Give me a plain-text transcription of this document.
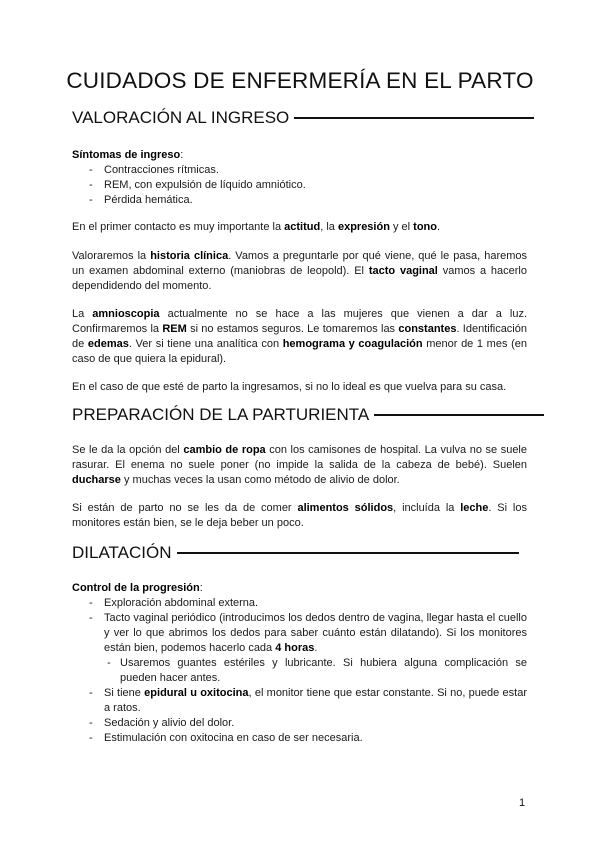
CUIDADOS DE ENFERMERÍA EN EL PARTO
VALORACIÓN AL INGRESO

Síntomas de ingreso:

- Contracciones rítmicas.
- REM, con expulsión de líquido amniótico.
- Pérdida hemática.

En el primer contacto es muy importante la actitud, la expresión y el tono.

Valoraremos la historia clínica. Vamos a preguntarle por qué viene, qué le pasa, haremos un examen abdominal externo (maniobras de leopold). El tacto vaginal vamos a hacerlo dependidendo del momento.

La amnioscopia actualmente no se hace a las mujeres que vienen a dar a luz. Confirmaremos la REM si no estamos seguros. Le tomaremos las constantes. Identificación de edemas. Ver si tiene una analítica con hemograma y coagulación menor de 1 mes (en caso de que quiera la epidural).

En el caso de que esté de parto la ingresamos, si no lo ideal es que vuelva para su casa.

PREPARACIÓN DE LA PARTURIENTA

Se le da la opción del cambio de ropa con los camisones de hospital. La vulva no se suele rasurar. El enema no suele poner (no impide la salida de la cabeza de bebé). Suelen ducharse y muchas veces la usan como método de alivio de dolor.

Si están de parto no se les da de comer alimentos sólidos, incluída la leche. Si los monitores están bien, se le deja beber un poco.

DILATACIÓN

Control de la progresión:

- Exploración abdominal externa.
- Tacto vaginal periódico (introducimos los dedos dentro de vagina, llegar hasta el cuello y ver lo que abrimos los dedos para saber cuánto están dilatando). Si los monitores están bien, podemos hacerlo cada 4 horas.
- Usaremos guantes estériles y lubricante. Si hubiera alguna complicación se pueden hacer antes.
- Si tiene epidural u oxitocina, el monitor tiene que estar constante. Si no, puede estar a ratos.
- Sedación y alivio del dolor.
- Estimulación con oxitocina en caso de ser necesaria.
1
